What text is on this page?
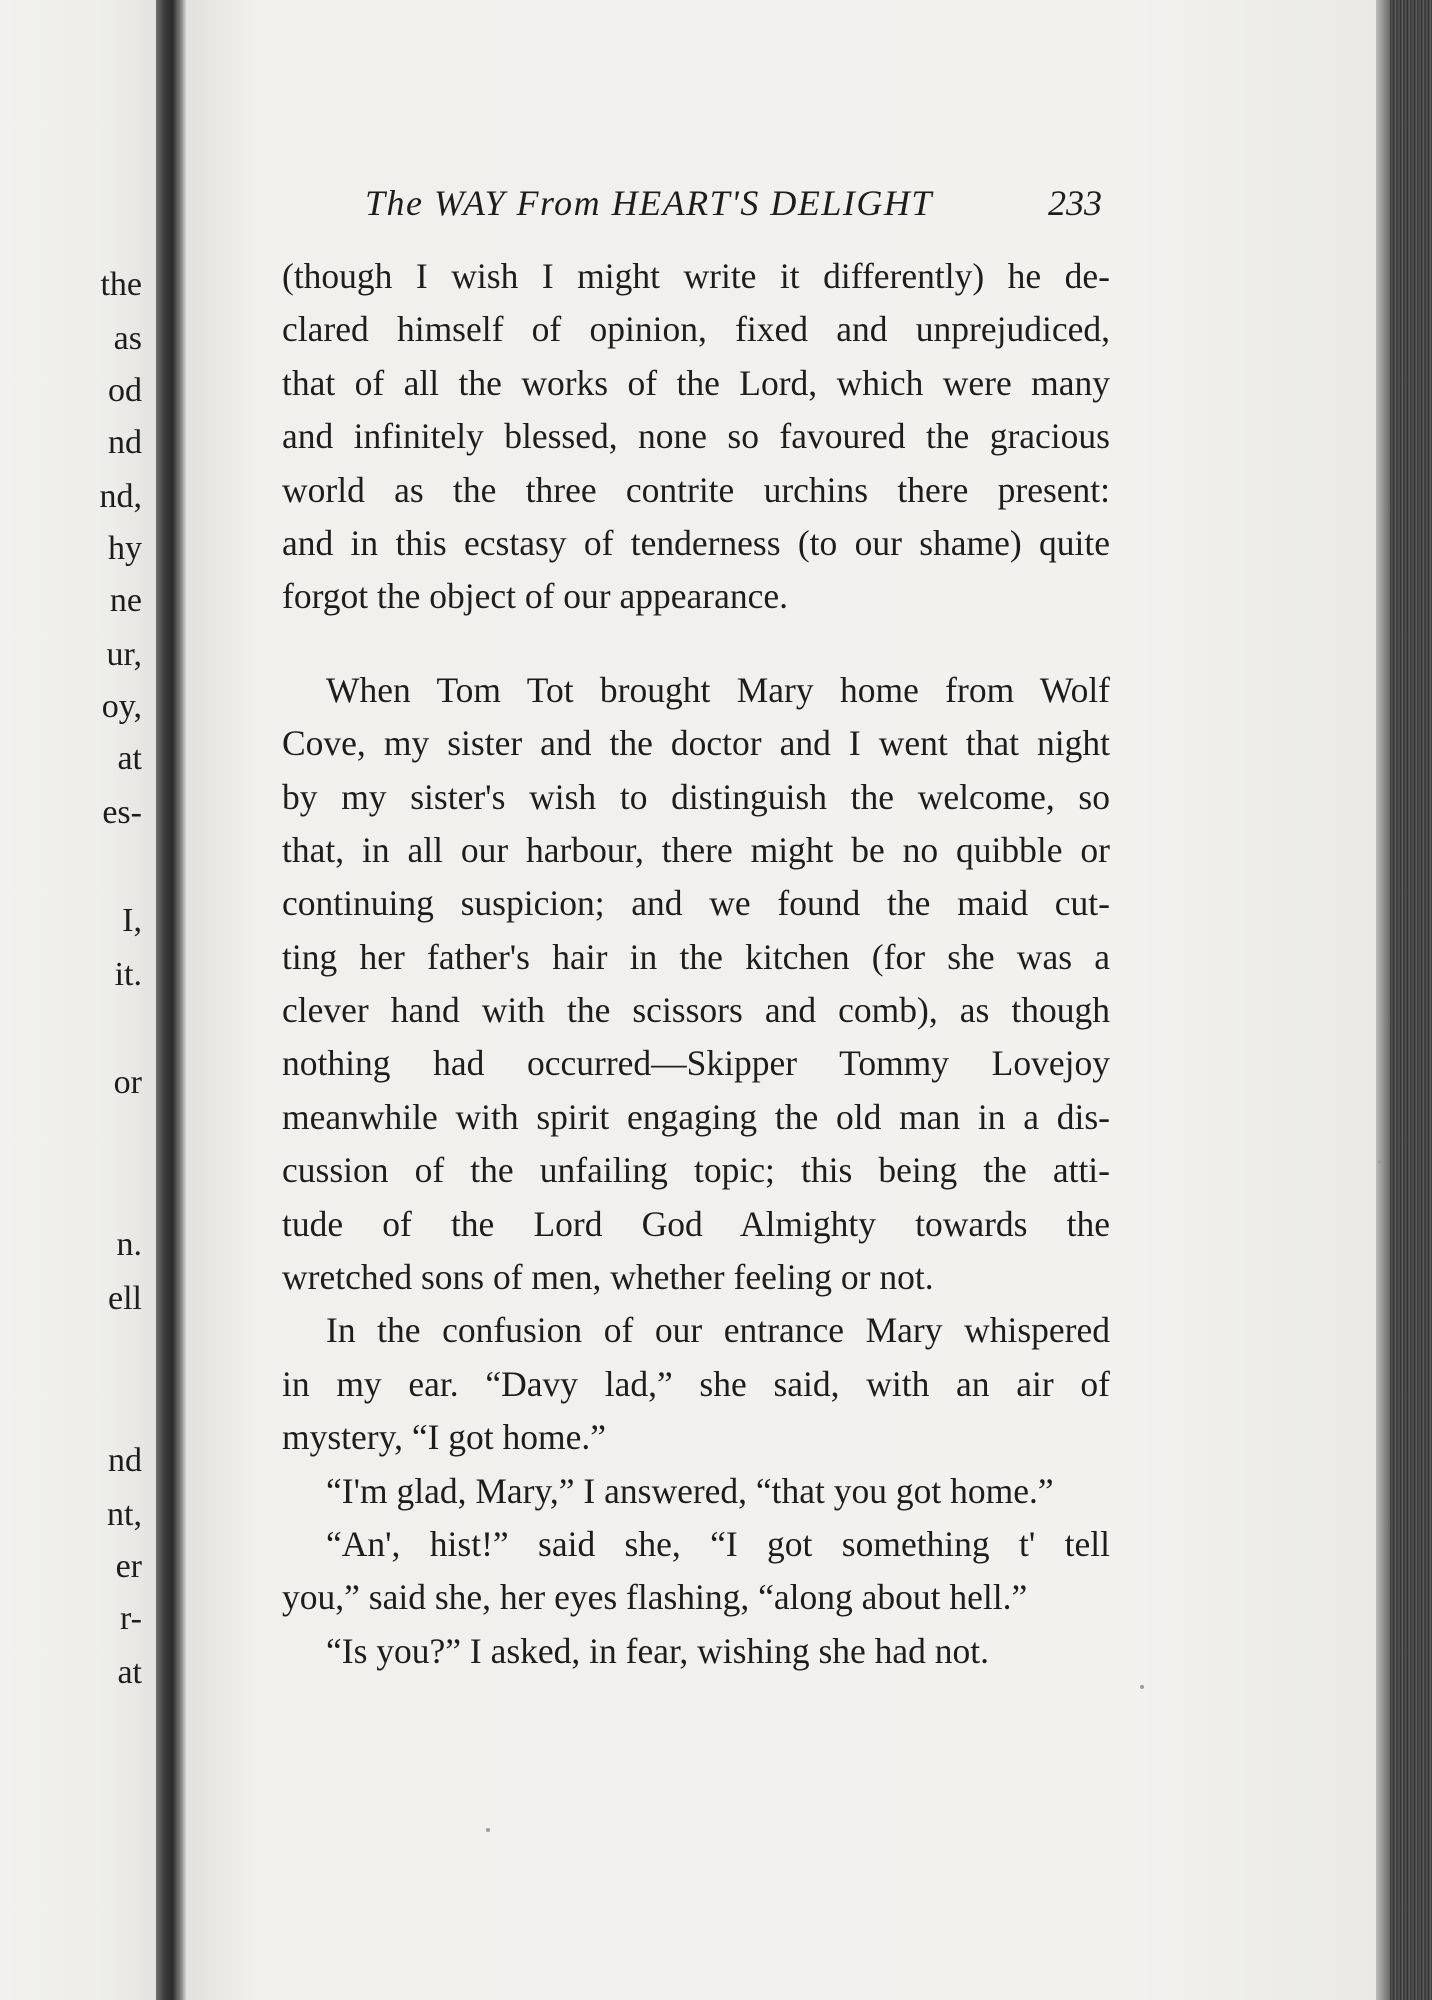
the
as
od
nd
nd,
hy
ne
ur,
oy,
at
es-
I,
it.
or
n.
ell
nd
nt,
er
r-
at
The WAY From HEART'S DELIGHT	233
(though I wish I might write it differently) he de-
clared himself of opinion, fixed and unprejudiced,
that of all the works of the Lord, which were many
and infinitely blessed, none so favoured the gracious
world as the three contrite urchins there present:
and in this ecstasy of tenderness (to our shame) quite
forgot the object of our appearance.
When Tom Tot brought Mary home from Wolf
Cove, my sister and the doctor and I went that night
by my sister's wish to distinguish the welcome, so
that, in all our harbour, there might be no quibble or
continuing suspicion; and we found the maid cut-
ting her father's hair in the kitchen (for she was a
clever hand with the scissors and comb), as though
nothing had occurred—Skipper Tommy Lovejoy
meanwhile with spirit engaging the old man in a dis-
cussion of the unfailing topic; this being the atti-
tude of the Lord God Almighty towards the
wretched sons of men, whether feeling or not.
In the confusion of our entrance Mary whispered
in my ear. “Davy lad,” she said, with an air of
mystery, “I got home.”
“I'm glad, Mary,” I answered, “that you got home.”
“An', hist!” said she, “I got something t' tell
you,” said she, her eyes flashing, “along about hell.”
“Is you?” I asked, in fear, wishing she had not.
